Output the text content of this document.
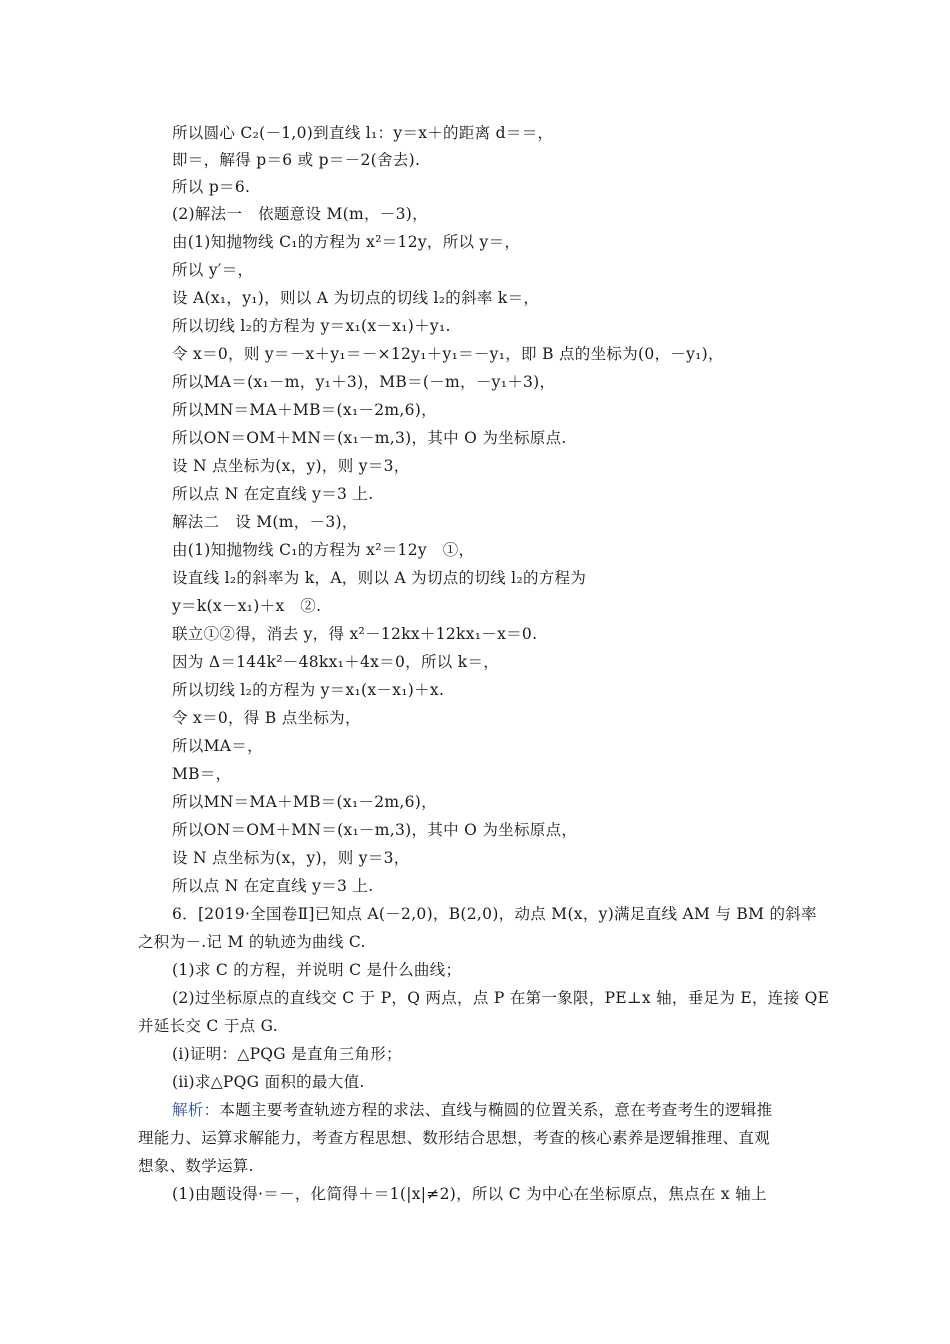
所以圆心 C₂(－1,0)到直线 l₁：y＝x＋的距离 d＝＝，
即＝，解得 p＝6 或 p＝－2(舍去).
所以 p＝6.
(2)解法一　依题意设 M(m，－3)，
由(1)知抛物线 C₁的方程为 x²＝12y，所以 y＝，
所以 y′＝，
设 A(x₁，y₁)，则以 A 为切点的切线 l₂的斜率 k＝，
所以切线 l₂的方程为 y＝x₁(x－x₁)＋y₁.
令 x＝0，则 y＝－x＋y₁＝－×12y₁＋y₁＝－y₁，即 B 点的坐标为(0，－y₁)，
所以MA＝(x₁－m，y₁＋3)，MB＝(－m，－y₁＋3)，
所以MN＝MA＋MB＝(x₁－2m,6)，
所以ON＝OM＋MN＝(x₁－m,3)，其中 O 为坐标原点.
设 N 点坐标为(x，y)，则 y＝3，
所以点 N 在定直线 y＝3 上.
解法二　设 M(m，－3)，
由(1)知抛物线 C₁的方程为 x²＝12y　①，
设直线 l₂的斜率为 k，A，则以 A 为切点的切线 l₂的方程为
y＝k(x－x₁)＋x　②.
联立①②得，消去 y，得 x²－12kx＋12kx₁－x＝0.
因为 Δ＝144k²－48kx₁＋4x＝0，所以 k＝，
所以切线 l₂的方程为 y＝x₁(x－x₁)＋x.
令 x＝0，得 B 点坐标为，
所以MA＝，
MB＝，
所以MN＝MA＋MB＝(x₁－2m,6)，
所以ON＝OM＋MN＝(x₁－m,3)，其中 O 为坐标原点，
设 N 点坐标为(x，y)，则 y＝3，
所以点 N 在定直线 y＝3 上.
6．[2019·全国卷Ⅱ]已知点 A(－2,0)，B(2,0)，动点 M(x，y)满足直线 AM 与 BM 的斜率
之积为－.记 M 的轨迹为曲线 C.
(1)求 C 的方程，并说明 C 是什么曲线；
(2)过坐标原点的直线交 C 于 P，Q 两点，点 P 在第一象限，PE⊥x 轴，垂足为 E，连接 QE
并延长交 C 于点 G.
(ⅰ)证明：△PQG 是直角三角形；
(ⅱ)求△PQG 面积的最大值.
解析：本题主要考查轨迹方程的求法、直线与椭圆的位置关系，意在考查考生的逻辑推
理能力、运算求解能力，考查方程思想、数形结合思想，考查的核心素养是逻辑推理、直观
想象、数学运算.
(1)由题设得·＝－，化简得＋＝1(|x|≠2)，所以 C 为中心在坐标原点，焦点在 x 轴上
